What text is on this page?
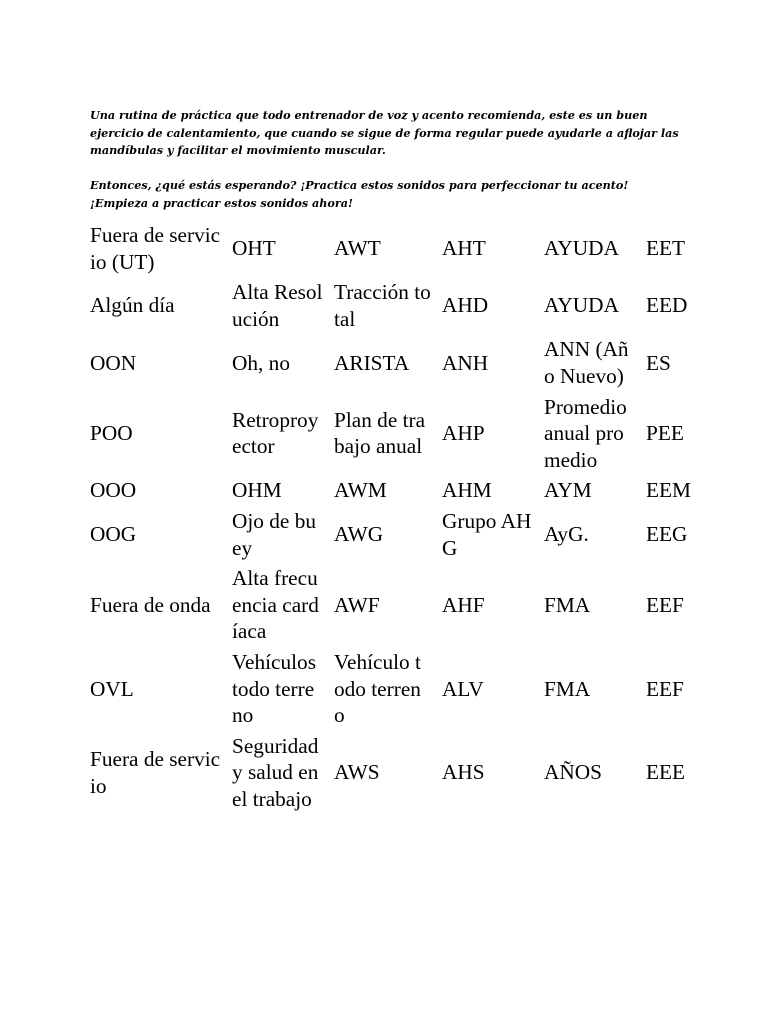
Una rutina de práctica que todo entrenador de voz y acento recomienda, este es un buen ejercicio de calentamiento, que cuando se sigue de forma regular puede ayudarle a aflojar las mandíbulas y facilitar el movimiento muscular.

Entonces, ¿qué estás esperando? ¡Practica estos sonidos para perfeccionar tu acento! ¡Empieza a practicar estos sonidos ahora!

Fuera de servicio (UT)	OHT	AWT	AHT	AYUDA	EET
Algún día	Alta Resolución	Tracción total	AHD	AYUDA	EED
OON	Oh, no	ARISTA	ANH	ANN (Año Nuevo)	ES
POO	Retroproyector	Plan de trabajo anual	AHP	Promedio anual promedio	PEE
OOO	OHM	AWM	AHM	AYM	EEM
OOG	Ojo de buey	AWG	Grupo AHG	AyG.	EEG
Fuera de onda	Alta frecuencia cardíaca	AWF	AHF	FMA	EEF
OVL	Vehículos todo terreno	Vehículo todo terreno	ALV	FMA	EEF
Fuera de servicio	Seguridad y salud en el trabajo	AWS	AHS	AÑOS	EEE
